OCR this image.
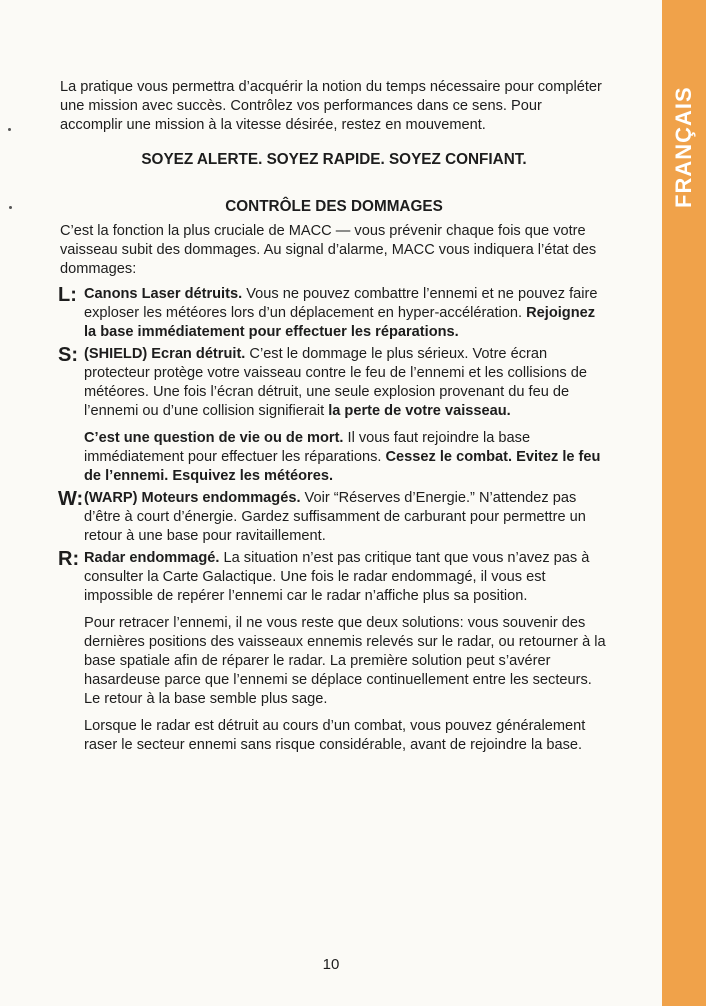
FRANÇAIS

La pratique vous permettra d’acquérir la notion du temps nécessaire pour compléter une mission avec succès. Contrôlez vos performances dans ce sens. Pour accomplir une mission à la vitesse désirée, restez en mouvement.

SOYEZ ALERTE. SOYEZ RAPIDE. SOYEZ CONFIANT.

CONTRÔLE DES DOMMAGES

C’est la fonction la plus cruciale de MACC — vous prévenir chaque fois que votre vaisseau subit des dommages. Au signal d’alarme, MACC vous indiquera l’état des dommages:

L: Canons Laser détruits. Vous ne pouvez combattre l’ennemi et ne pouvez faire exploser les météores lors d’un déplacement en hyper-accélération. Rejoignez la base immédiatement pour effectuer les réparations.

S: (SHIELD) Ecran détruit. C’est le dommage le plus sérieux. Votre écran protecteur protège votre vaisseau contre le feu de l’ennemi et les collisions de météores. Une fois l’écran détruit, une seule explosion provenant du feu de l’ennemi ou d’une collision signifierait la perte de votre vaisseau.

C’est une question de vie ou de mort. Il vous faut rejoindre la base immédiatement pour effectuer les réparations. Cessez le combat. Evitez le feu de l’ennemi. Esquivez les météores.

W: (WARP) Moteurs endommagés. Voir “Réserves d’Energie.” N’attendez pas d’être à court d’énergie. Gardez suffisamment de carburant pour permettre un retour à une base pour ravitaillement.

R: Radar endommagé. La situation n’est pas critique tant que vous n’avez pas à consulter la Carte Galactique. Une fois le radar endommagé, il vous est impossible de repérer l’ennemi car le radar n’affiche plus sa position.

Pour retracer l’ennemi, il ne vous reste que deux solutions: vous souvenir des dernières positions des vaisseaux ennemis relevés sur le radar, ou retourner à la base spatiale afin de réparer le radar. La première solution peut s’avérer hasardeuse parce que l’ennemi se déplace continuellement entre les secteurs. Le retour à la base semble plus sage.

Lorsque le radar est détruit au cours d’un combat, vous pouvez généralement raser le secteur ennemi sans risque considérable, avant de rejoindre la base.

10
